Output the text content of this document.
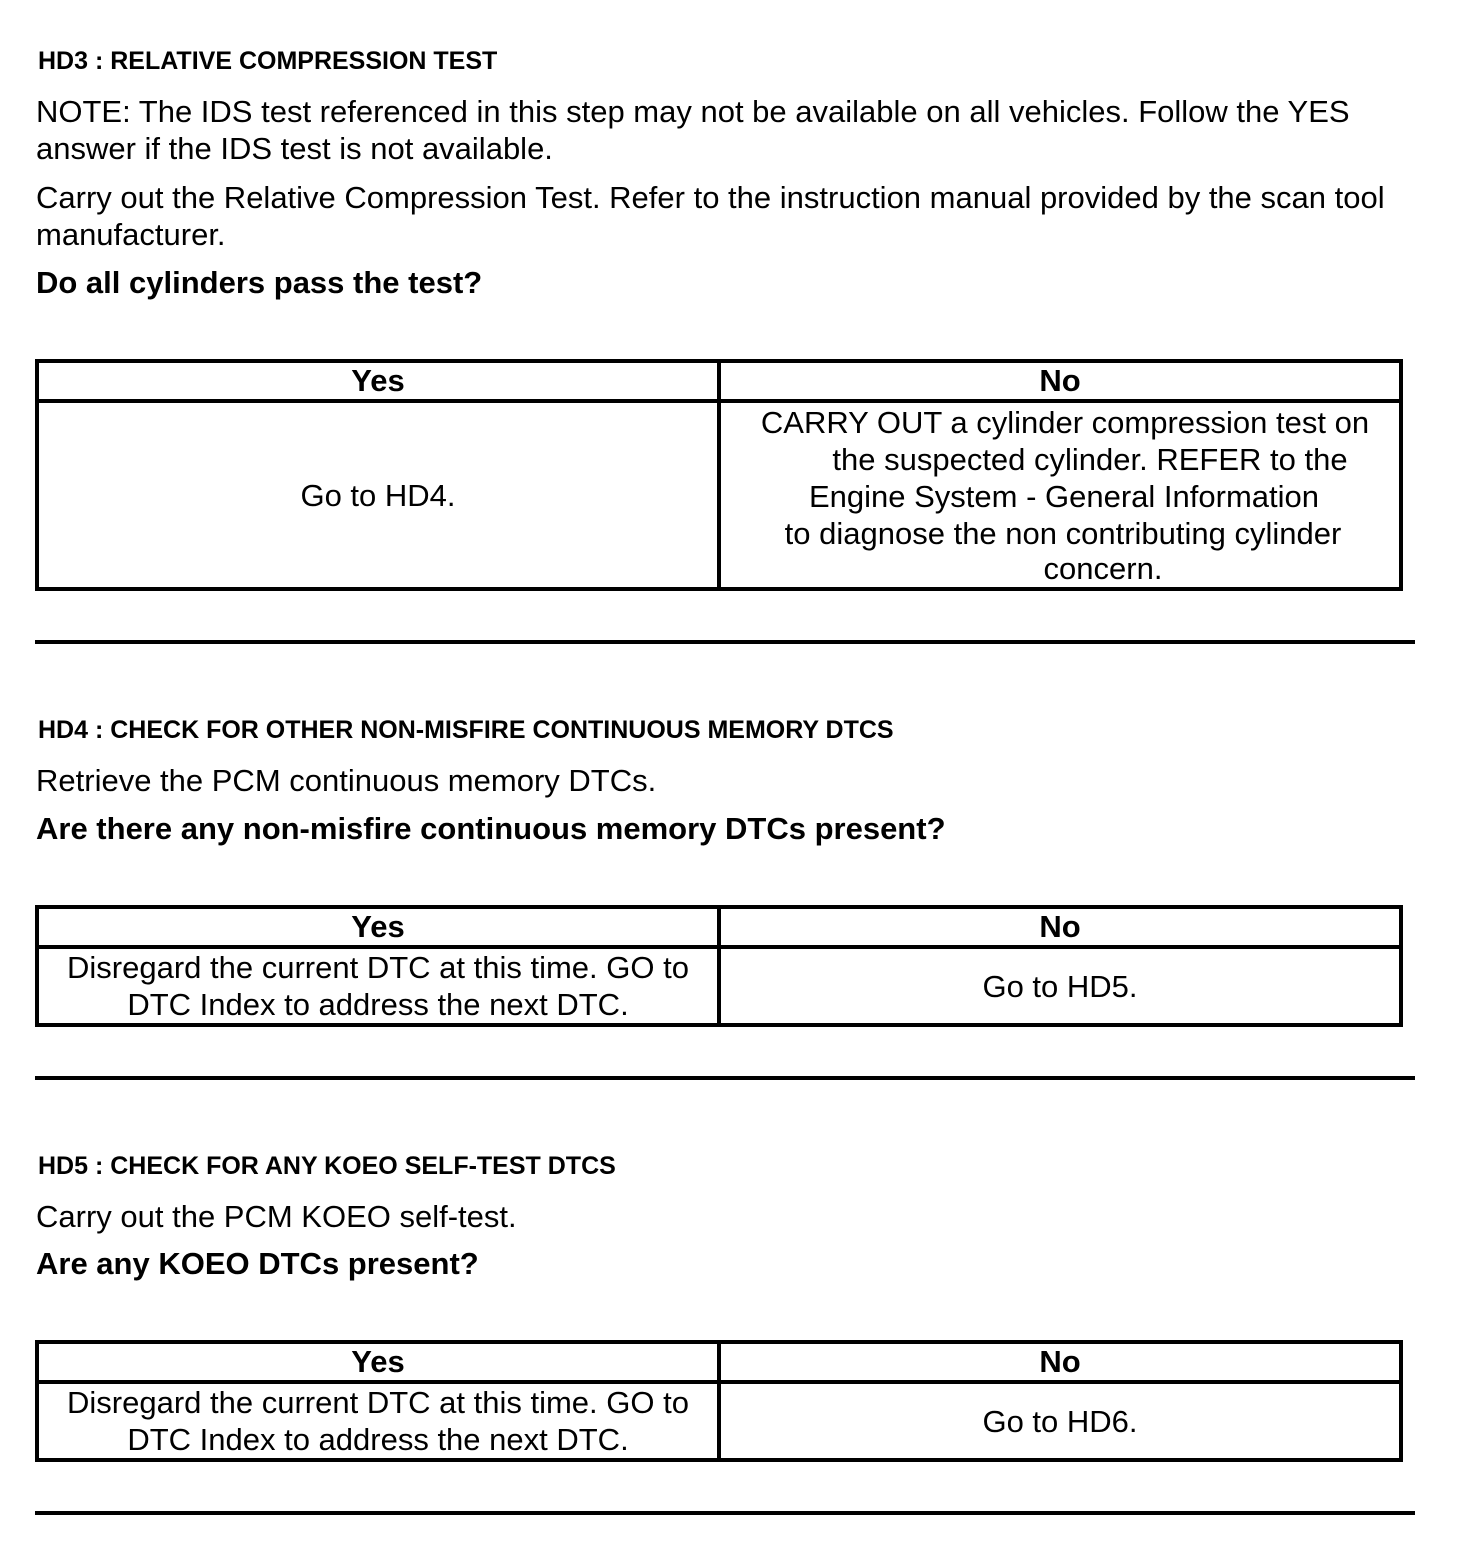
HD3 : RELATIVE COMPRESSION TEST
NOTE: The IDS test referenced in this step may not be available on all vehicles. Follow the YES answer if the IDS test is not available.
Carry out the Relative Compression Test. Refer to the instruction manual provided by the scan tool manufacturer.
Do all cylinders pass the test?
Yes	No
Go to HD4.	CARRY OUT a cylinder compression test on
the suspected cylinder. REFER to the
Engine System - General Information
to diagnose the non contributing cylinder
concern.
HD4 : CHECK FOR OTHER NON-MISFIRE CONTINUOUS MEMORY DTCS
Retrieve the PCM continuous memory DTCs.
Are there any non-misfire continuous memory DTCs present?
Yes	No

Disregard the current DTC at this time. GO to
DTC Index to address the next DTC.	Go to HD5.
HD5 : CHECK FOR ANY KOEO SELF-TEST DTCS
Carry out the PCM KOEO self-test.
Are any KOEO DTCs present?
Yes	No

Disregard the current DTC at this time. GO to
DTC Index to address the next DTC.	Go to HD6.
